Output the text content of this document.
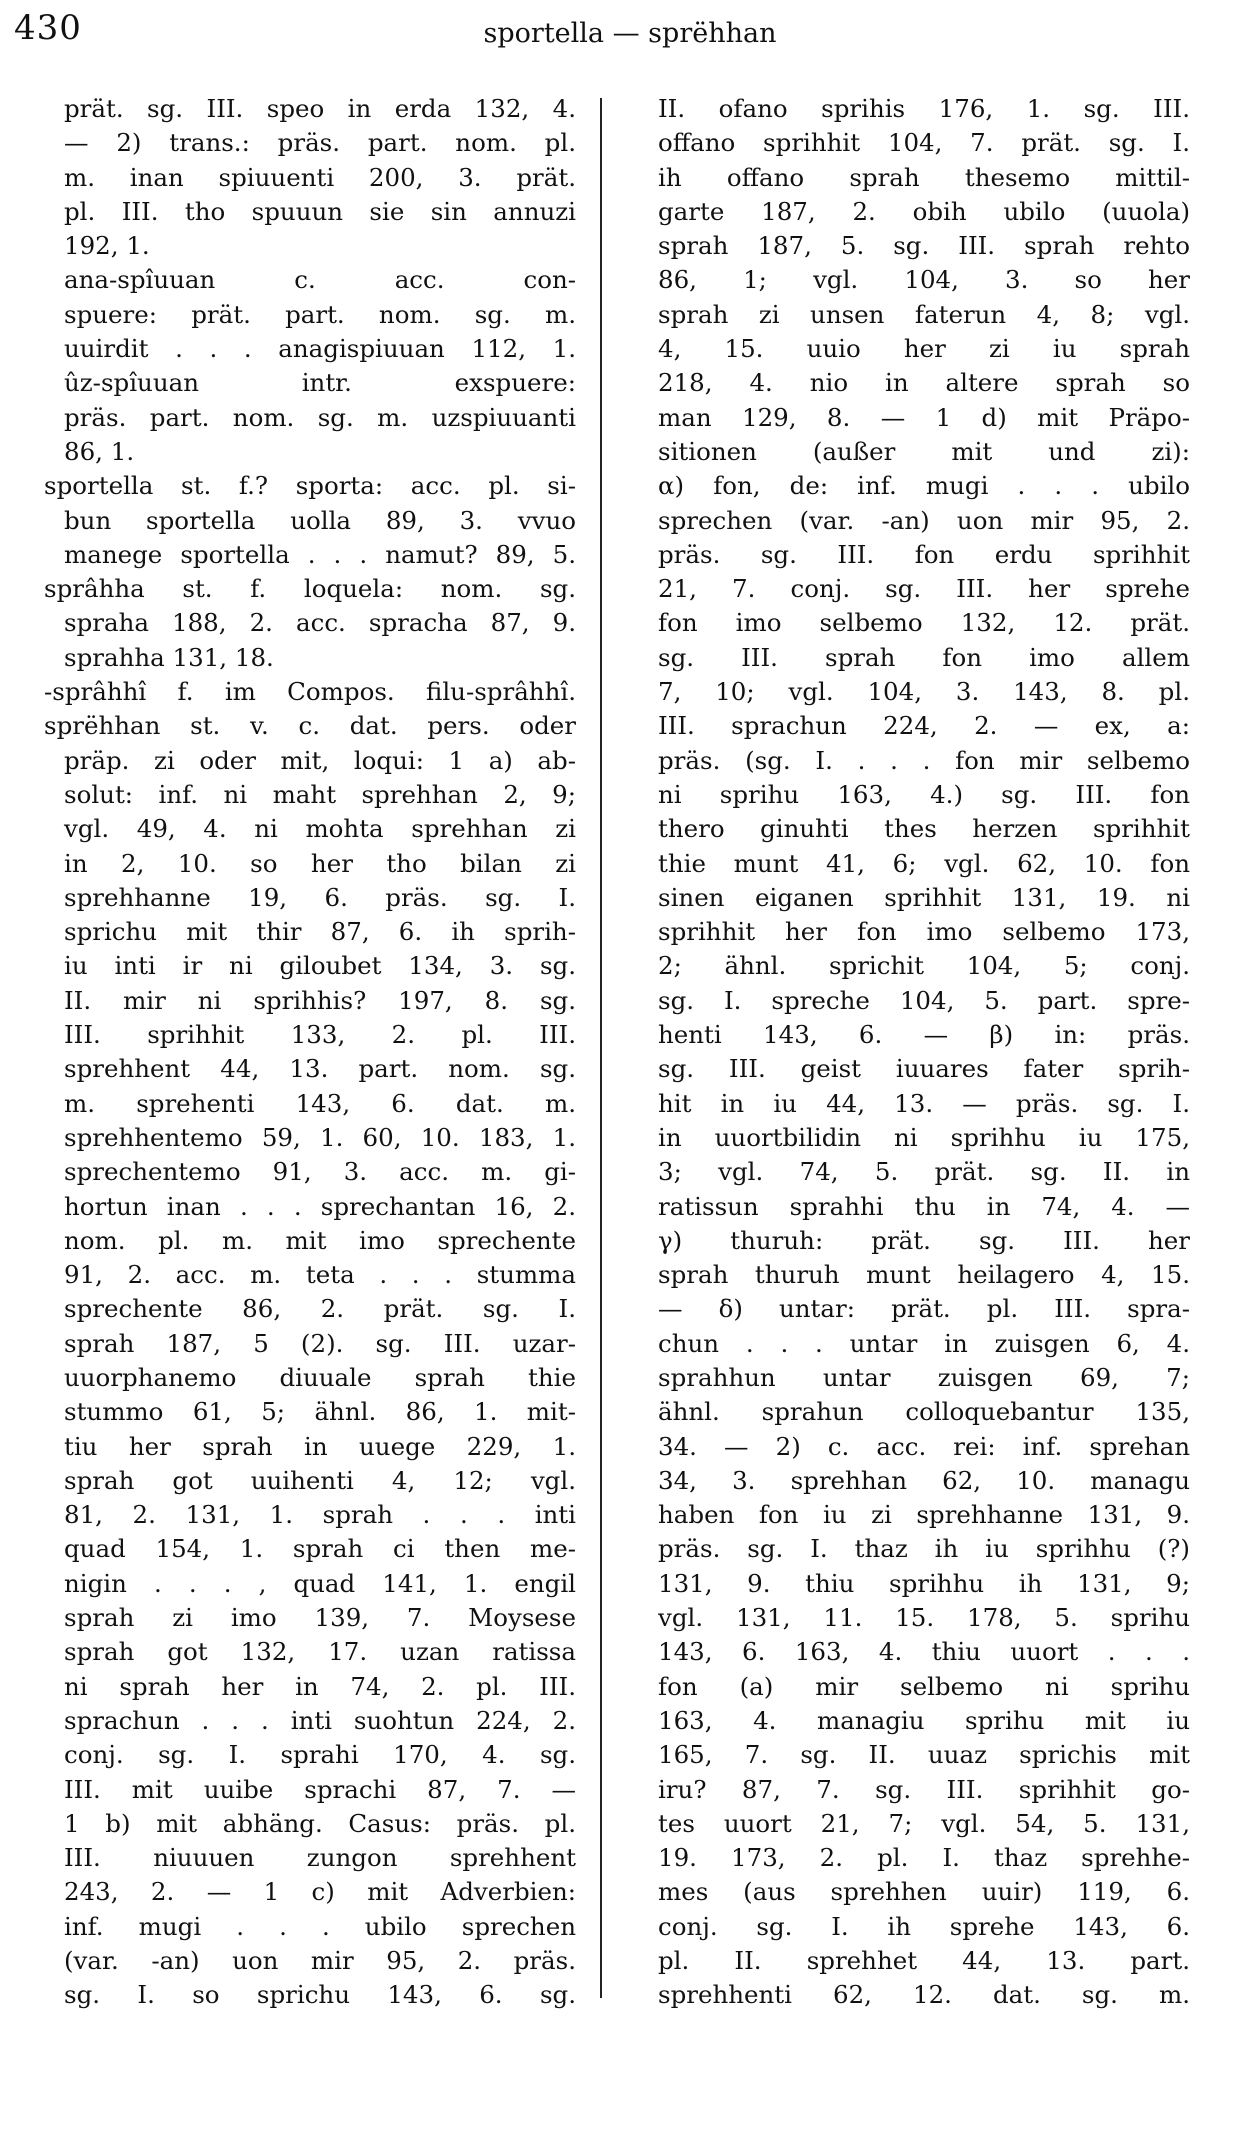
430	sportella — sprëhhan
prät. sg. III. speo in erda 132, 4.
— 2) trans.: präs. part. nom. pl.
m. inan spiuuenti 200, 3. prät.
pl. III. tho spuuun sie sin annuzi
192, 1.
ana-spîuuan c. acc. con-
spuere: prät. part. nom. sg. m.
uuirdit . . . anagispiuuan 112, 1.
ûz-spîuuan intr. exspuere:
präs. part. nom. sg. m. uzspiuuanti
86, 1.
sportella st. f.? sporta: acc. pl. si-
bun sportella uolla 89, 3. vvuo
manege sportella . . . namut? 89, 5.
sprâhha st. f. loquela: nom. sg.
spraha 188, 2. acc. spracha 87, 9.
sprahha 131, 18.
-sprâhhî f. im Compos. filu-sprâhhî.
sprëhhan st. v. c. dat. pers. oder
präp. zi oder mit, loqui: 1 a) ab-
solut: inf. ni maht sprehhan 2, 9;
vgl. 49, 4. ni mohta sprehhan zi
in 2, 10. so her tho bilan zi
sprehhanne 19, 6. präs. sg. I.
sprichu mit thir 87, 6. ih sprih-
iu inti ir ni giloubet 134, 3. sg.
II. mir ni sprihhis? 197, 8. sg.
III. sprihhit 133, 2. pl. III.
sprehhent 44, 13. part. nom. sg.
m. sprehenti 143, 6. dat. m.
sprehhentemo 59, 1. 60, 10. 183, 1.
sprechentemo 91, 3. acc. m. gi-
hortun inan . . . sprechantan 16, 2.
nom. pl. m. mit imo sprechente
91, 2. acc. m. teta . . . stumma
sprechente 86, 2. prät. sg. I.
sprah 187, 5 (2). sg. III. uzar-
uuorphanemo diuuale sprah thie
stummo 61, 5; ähnl. 86, 1. mit-
tiu her sprah in uuege 229, 1.
sprah got uuihenti 4, 12; vgl.
81, 2. 131, 1. sprah . . . inti
quad 154, 1. sprah ci then me-
nigin . . . , quad 141, 1. engil
sprah zi imo 139, 7. Moysese
sprah got 132, 17. uzan ratissa
ni sprah her in 74, 2. pl. III.
sprachun . . . inti suohtun 224, 2.
conj. sg. I. sprahi 170, 4. sg.
III. mit uuibe sprachi 87, 7. —
1 b) mit abhäng. Casus: präs. pl.
III. niuuuen zungon sprehhent
243, 2. — 1 c) mit Adverbien:
inf. mugi . . . ubilo sprechen
(var. -an) uon mir 95, 2. präs.
sg. I. so sprichu 143, 6. sg.
II. ofano sprihis 176, 1. sg. III.
offano sprihhit 104, 7. prät. sg. I.
ih offano sprah thesemo mittil-
garte 187, 2. obih ubilo (uuola)
sprah 187, 5. sg. III. sprah rehto
86, 1; vgl. 104, 3. so her
sprah zi unsen faterun 4, 8; vgl.
4, 15. uuio her zi iu sprah
218, 4. nio in altere sprah so
man 129, 8. — 1 d) mit Präpo-
sitionen (außer mit und zi):
α) fon, de: inf. mugi . . . ubilo
sprechen (var. -an) uon mir 95, 2.
präs. sg. III. fon erdu sprihhit
21, 7. conj. sg. III. her sprehe
fon imo selbemo 132, 12. prät.
sg. III. sprah fon imo allem
7, 10; vgl. 104, 3. 143, 8. pl.
III. sprachun 224, 2. — ex, a:
präs. (sg. I. . . . fon mir selbemo
ni sprihu 163, 4.) sg. III. fon
thero ginuhti thes herzen sprihhit
thie munt 41, 6; vgl. 62, 10. fon
sinen eiganen sprihhit 131, 19. ni
sprihhit her fon imo selbemo 173,
2; ähnl. sprichit 104, 5; conj.
sg. I. spreche 104, 5. part. spre-
henti 143, 6. — β) in: präs.
sg. III. geist iuuares fater sprih-
hit in iu 44, 13. — präs. sg. I.
in uuortbilidin ni sprihhu iu 175,
3; vgl. 74, 5. prät. sg. II. in
ratissun sprahhi thu in 74, 4. —
γ) thuruh: prät. sg. III. her
sprah thuruh munt heilagero 4, 15.
— δ) untar: prät. pl. III. spra-
chun . . . untar in zuisgen 6, 4.
sprahhun untar zuisgen 69, 7;
ähnl. sprahun colloquebantur 135,
34. — 2) c. acc. rei: inf. sprehan
34, 3. sprehhan 62, 10. managu
haben fon iu zi sprehhanne 131, 9.
präs. sg. I. thaz ih iu sprihhu (?)
131, 9. thiu sprihhu ih 131, 9;
vgl. 131, 11. 15. 178, 5. sprihu
143, 6. 163, 4. thiu uuort . . .
fon (a) mir selbemo ni sprihu
163, 4. managiu sprihu mit iu
165, 7. sg. II. uuaz sprichis mit
iru? 87, 7. sg. III. sprihhit go-
tes uuort 21, 7; vgl. 54, 5. 131,
19. 173, 2. pl. I. thaz sprehhe-
mes (aus sprehhen uuir) 119, 6.
conj. sg. I. ih sprehe 143, 6.
pl. II. sprehhet 44, 13. part.
sprehhenti 62, 12. dat. sg. m.
